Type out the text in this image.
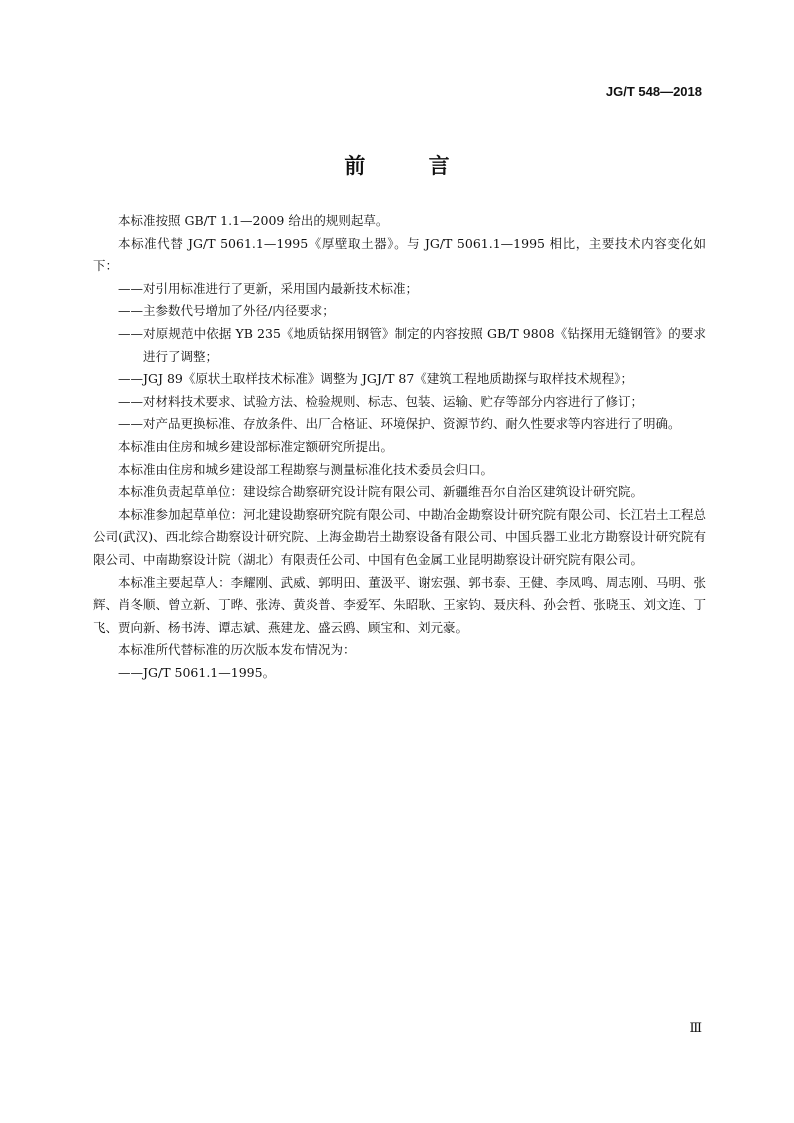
JG/T 548—2018
前 言

本标准按照 GB/T 1.1—2009 给出的规则起草。

本标准代替 JG/T 5061.1—1995《厚壁取土器》。与 JG/T 5061.1—1995 相比，主要技术内容变化如下：

——对引用标准进行了更新，采用国内最新技术标准；

——主参数代号增加了外径/内径要求；

——对原规范中依据 YB 235《地质钻探用钢管》制定的内容按照 GB/T 9808《钻探用无缝钢管》的要求进行了调整；

——JGJ 89《原状土取样技术标准》调整为 JGJ/T 87《建筑工程地质勘探与取样技术规程》；

——对材料技术要求、试验方法、检验规则、标志、包装、运输、贮存等部分内容进行了修订；

——对产品更换标准、存放条件、出厂合格证、环境保护、资源节约、耐久性要求等内容进行了明确。

本标准由住房和城乡建设部标准定额研究所提出。

本标准由住房和城乡建设部工程勘察与测量标准化技术委员会归口。

本标准负责起草单位：建设综合勘察研究设计院有限公司、新疆维吾尔自治区建筑设计研究院。

本标准参加起草单位：河北建设勘察研究院有限公司、中勘冶金勘察设计研究院有限公司、长江岩土工程总公司(武汉)、西北综合勘察设计研究院、上海金勘岩土勘察设备有限公司、中国兵器工业北方勘察设计研究院有限公司、中南勘察设计院（湖北）有限责任公司、中国有色金属工业昆明勘察设计研究院有限公司。

本标准主要起草人：李耀刚、武威、郭明田、董汲平、谢宏强、郭书泰、王健、李凤鸣、周志刚、马明、张辉、肖冬顺、曾立新、丁晔、张涛、黄炎普、李爱军、朱昭耿、王家钧、聂庆科、孙会哲、张晓玉、刘文连、丁飞、贾向新、杨书涛、谭志斌、燕建龙、盛云鸥、顾宝和、刘元豪。

本标准所代替标准的历次版本发布情况为：

——JG/T 5061.1—1995。

Ⅲ
